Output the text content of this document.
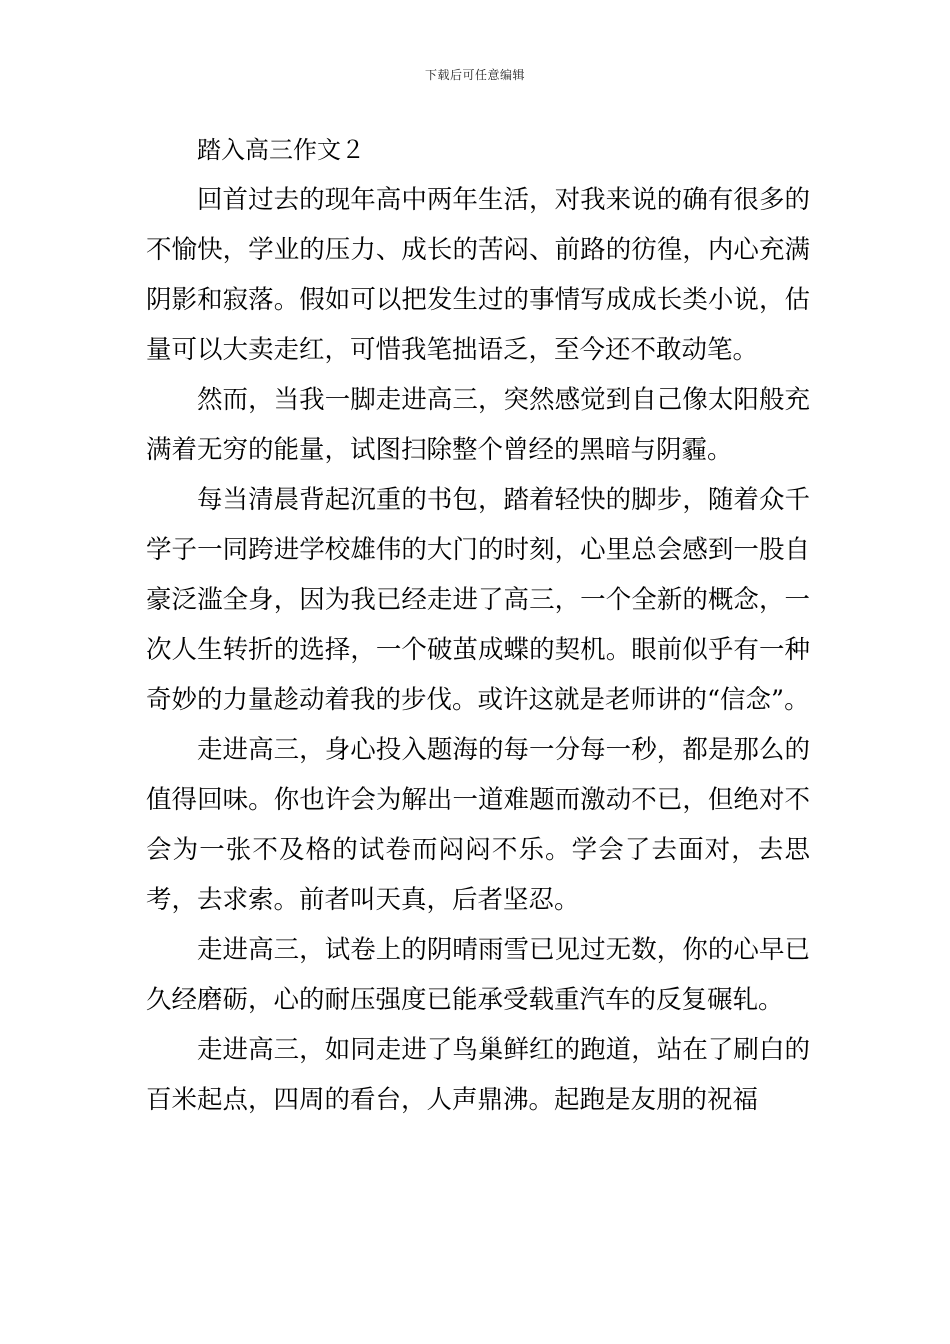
下载后可任意编辑
踏入高三作文２

回首过去的现年高中两年生活，对我来说的确有很多的不愉快，学业的压力、成长的苦闷、前路的彷徨，内心充满阴影和寂落。假如可以把发生过的事情写成成长类小说，估量可以大卖走红，可惜我笔拙语乏，至今还不敢动笔。

然而，当我一脚走进高三，突然感觉到自己像太阳般充满着无穷的能量，试图扫除整个曾经的黑暗与阴霾。

每当清晨背起沉重的书包，踏着轻快的脚步，随着众千学子一同跨进学校雄伟的大门的时刻，心里总会感到一股自豪泛滥全身，因为我已经走进了高三，一个全新的概念，一次人生转折的选择，一个破茧成蝶的契机。眼前似乎有一种奇妙的力量趁动着我的步伐。或许这就是老师讲的“信念”。

走进高三，身心投入题海的每一分每一秒，都是那么的值得回味。你也许会为解出一道难题而激动不已，但绝对不会为一张不及格的试卷而闷闷不乐。学会了去面对，去思考，去求索。前者叫天真，后者坚忍。

走进高三，试卷上的阴晴雨雪已见过无数，你的心早已久经磨砺，心的耐压强度已能承受载重汽车的反复碾轧。

走进高三，如同走进了鸟巢鲜红的跑道，站在了刷白的百米起点，四周的看台，人声鼎沸。起跑是友朋的祝福
